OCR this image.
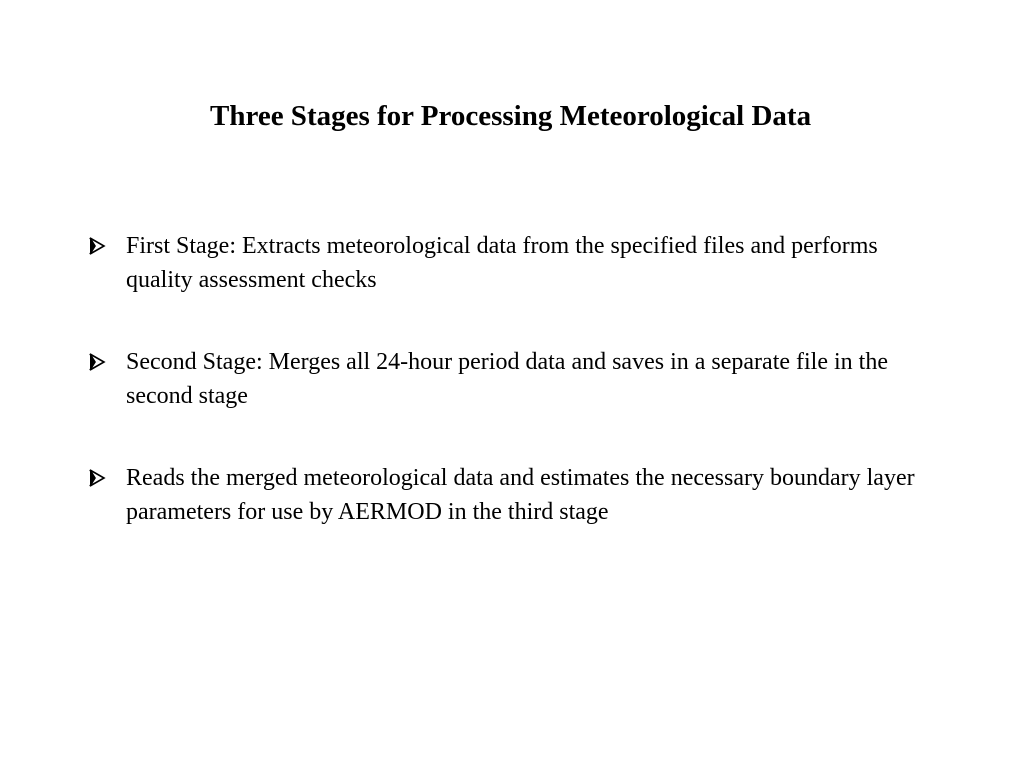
Three Stages for Processing Meteorological Data
First Stage: Extracts meteorological data from the specified files and performs quality assessment checks
Second Stage: Merges all 24-hour period data and saves in a separate file in the second stage
Reads the merged meteorological data and estimates the necessary boundary layer parameters for use by AERMOD in the third stage
